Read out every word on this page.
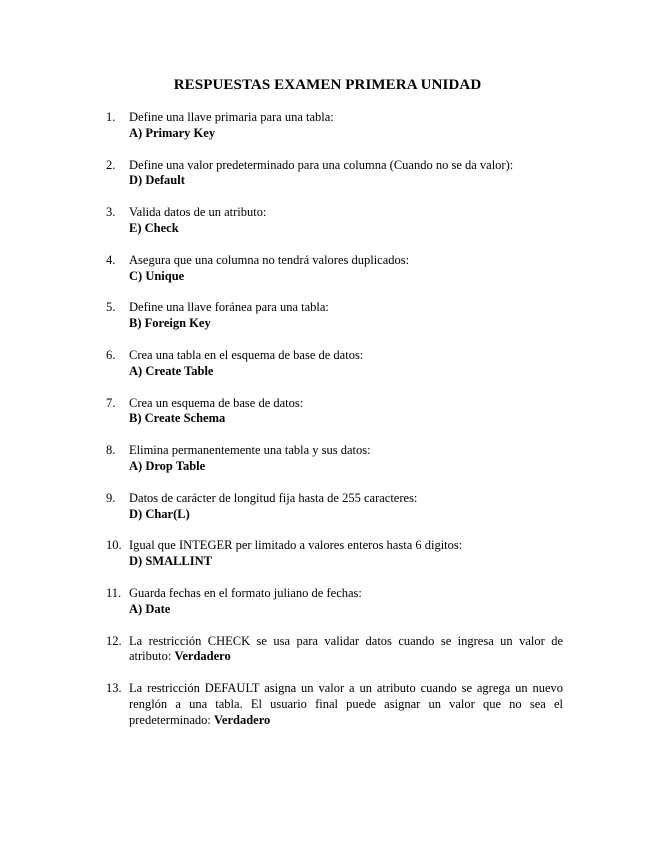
RESPUESTAS EXAMEN PRIMERA UNIDAD
1. Define una llave primaria para una tabla:
A) Primary Key
2. Define una valor predeterminado para una columna (Cuando no se da valor):
D) Default
3. Valida datos de un atributo:
E) Check
4. Asegura que una columna no tendrá valores duplicados:
C) Unique
5. Define una llave foránea para una tabla:
B) Foreign Key
6. Crea una tabla en el esquema de base de datos:
A) Create Table
7. Crea un esquema de base de datos:
B) Create Schema
8. Elimina permanentemente una tabla y sus datos:
A) Drop Table
9. Datos de carácter de longitud fija hasta de 255 caracteres:
D) Char(L)
10. Igual que INTEGER per limitado a valores enteros hasta 6 digitos:
D) SMALLINT
11. Guarda fechas en el formato juliano de fechas:
A) Date
12. La restricción CHECK se usa para validar datos cuando se ingresa un valor de atributo: Verdadero
13. La restricción DEFAULT asigna un valor a un atributo cuando se agrega un nuevo renglón a una tabla. El usuario final puede asignar un valor que no sea el predeterminado: Verdadero
